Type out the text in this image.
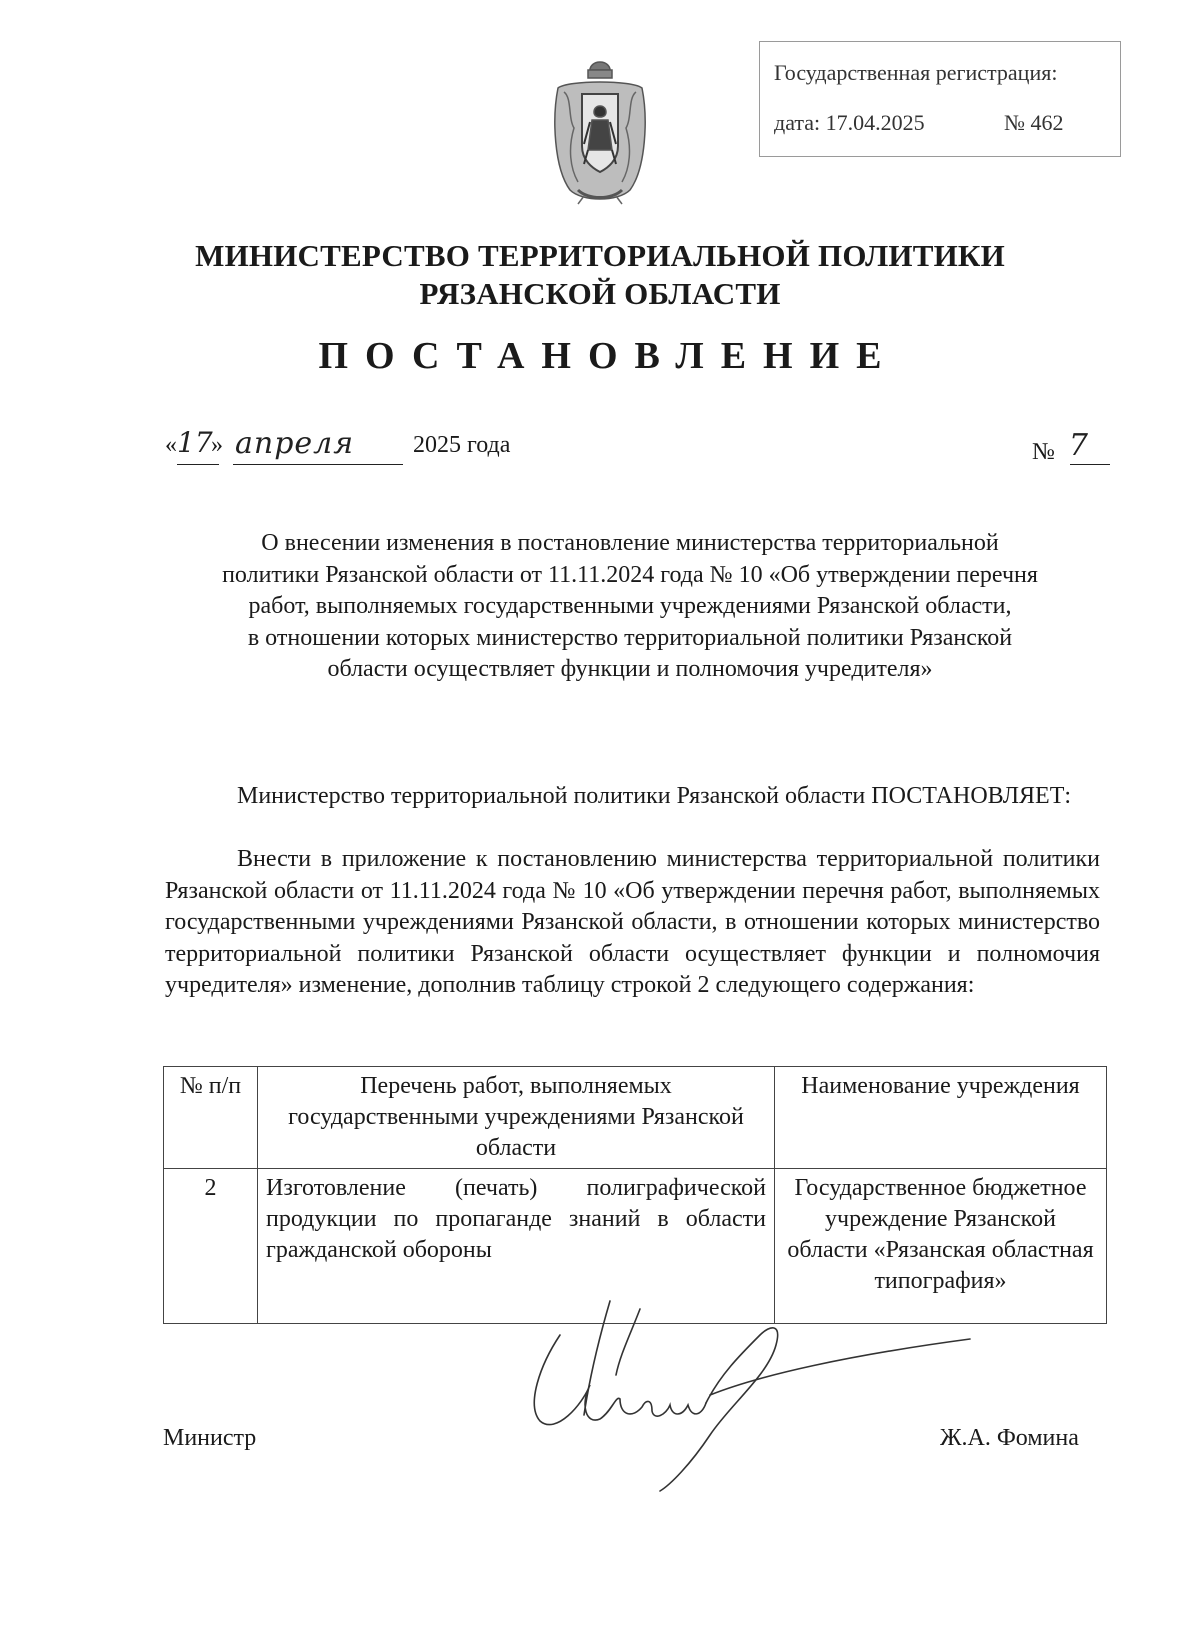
Государственная регистрация:
дата: 17.04.2025	№ 462
МИНИСТЕРСТВО ТЕРРИТОРИАЛЬНОЙ ПОЛИТИКИ
РЯЗАНСКОЙ ОБЛАСТИ
ПОСТАНОВЛЕНИЕ
« 17
» апреля 2025 года	№ 7
О внесении изменения в постановление министерства территориальной
политики Рязанской области от 11.11.2024 года № 10 «Об утверждении перечня
работ, выполняемых государственными учреждениями Рязанской области,
в отношении которых министерство территориальной политики Рязанской
области осуществляет функции и полномочия учредителя»
Министерство территориальной политики Рязанской области ПОСТАНОВЛЯЕТ:
Внести в приложение к постановлению министерства территориальной политики Рязанской области от 11.11.2024 года № 10 «Об утверждении перечня работ, выполняемых государственными учреждениями Рязанской области, в отношении которых министерство территориальной политики Рязанской области осуществляет функции и полномочия учредителя» изменение, дополнив таблицу строкой 2 следующего содержания:
№ п/п	Перечень работ, выполняемых государственными учреждениями Рязанской области	Наименование учреждения
2	Изготовление (печать) полиграфической продукции по пропаганде знаний в области гражданской обороны	Государственное бюджетное учреждение Рязанской области «Рязанская областная типография»
Министр	Ж.А. Фомина
